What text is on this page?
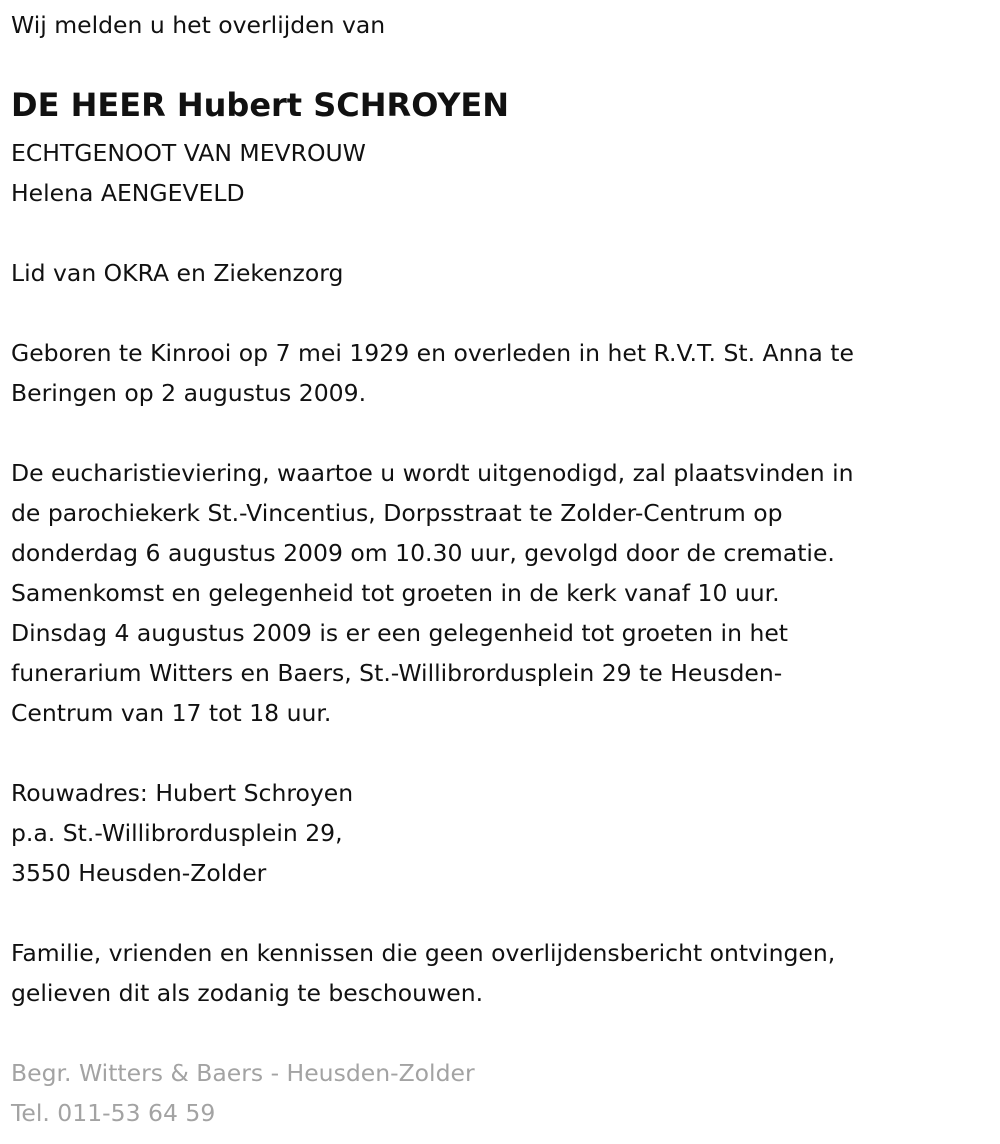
Wij melden u het overlijden van
DE HEER Hubert SCHROYEN
ECHTGENOOT VAN MEVROUW
Helena AENGEVELD
Lid van OKRA en Ziekenzorg
Geboren te Kinrooi op 7 mei 1929 en overleden in het R.V.T. St. Anna te
Beringen op 2 augustus 2009.
De eucharistieviering, waartoe u wordt uitgenodigd, zal plaatsvinden in
de parochiekerk St.-Vincentius, Dorpsstraat te Zolder-Centrum op
donderdag 6 augustus 2009 om 10.30 uur, gevolgd door de crematie.
Samenkomst en gelegenheid tot groeten in de kerk vanaf 10 uur.
Dinsdag 4 augustus 2009 is er een gelegenheid tot groeten in het
funerarium Witters en Baers, St.-Willibrordusplein 29 te Heusden-
Centrum van 17 tot 18 uur.
Rouwadres: Hubert Schroyen
p.a. St.-Willibrordusplein 29,
3550 Heusden-Zolder
Familie, vrienden en kennissen die geen overlijdensbericht ontvingen,
gelieven dit als zodanig te beschouwen.
Begr. Witters & Baers - Heusden-Zolder
Tel. 011-53 64 59
